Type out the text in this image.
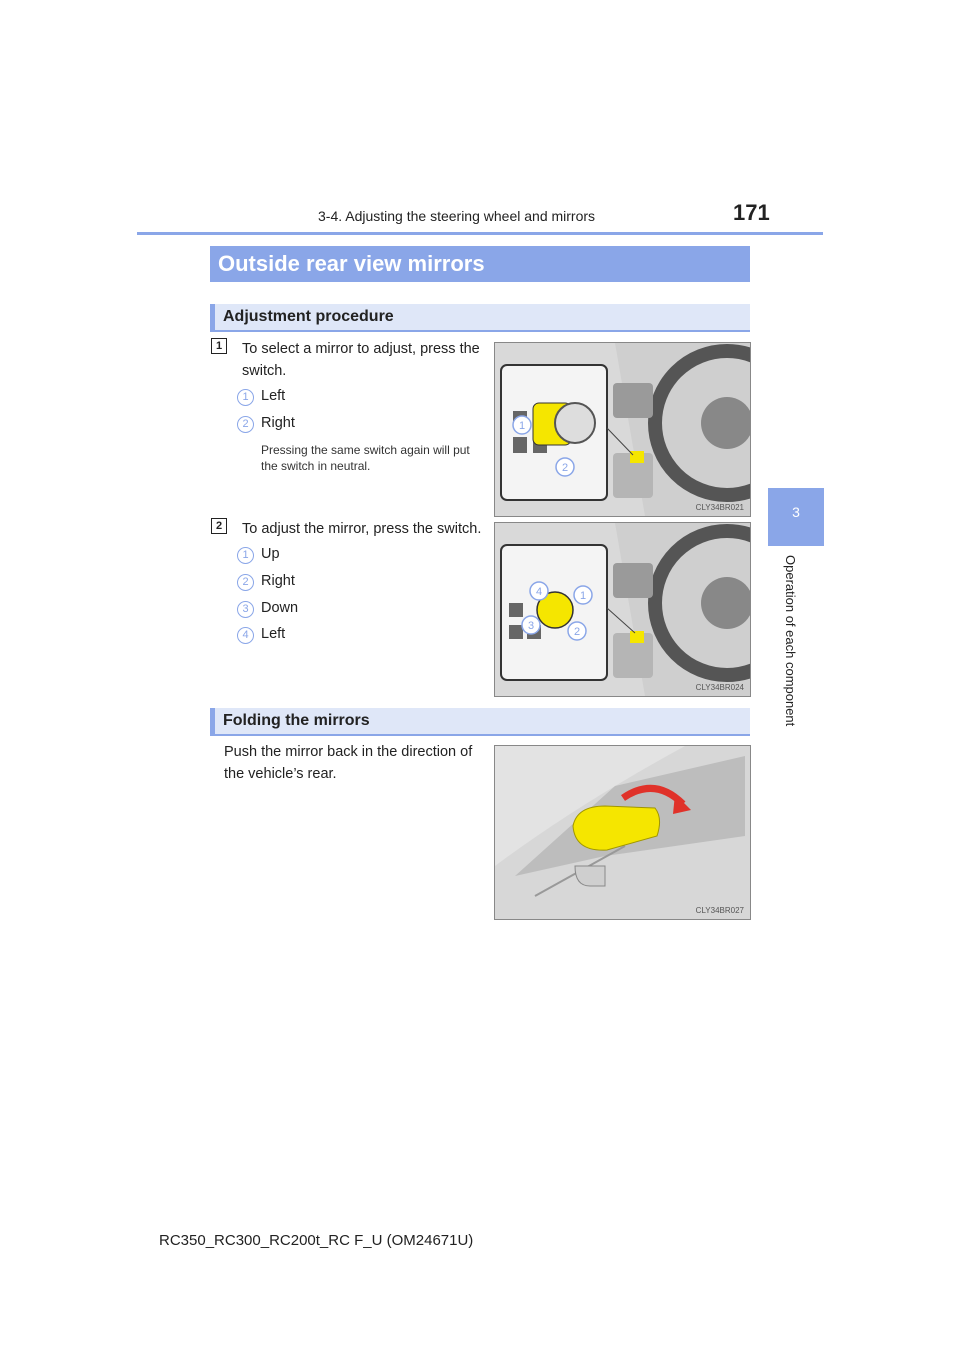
3-4. Adjusting the steering wheel and mirrors	171
3
Operation of each component
Outside rear view mirrors
Adjustment procedure
1	To select a mirror to adjust, press the switch.
1 Left
2 Right
Pressing the same switch again will put the switch in neutral.
1
2
CLY34BR021
2	To adjust the mirror, press the switch.
1 Up
2 Right
3 Down
4 Left
4	1
3	2
CLY34BR024
Folding the mirrors
Push the mirror back in the direction of the vehicle’s rear.
CLY34BR027
RC350_RC300_RC200t_RC F_U (OM24671U)
